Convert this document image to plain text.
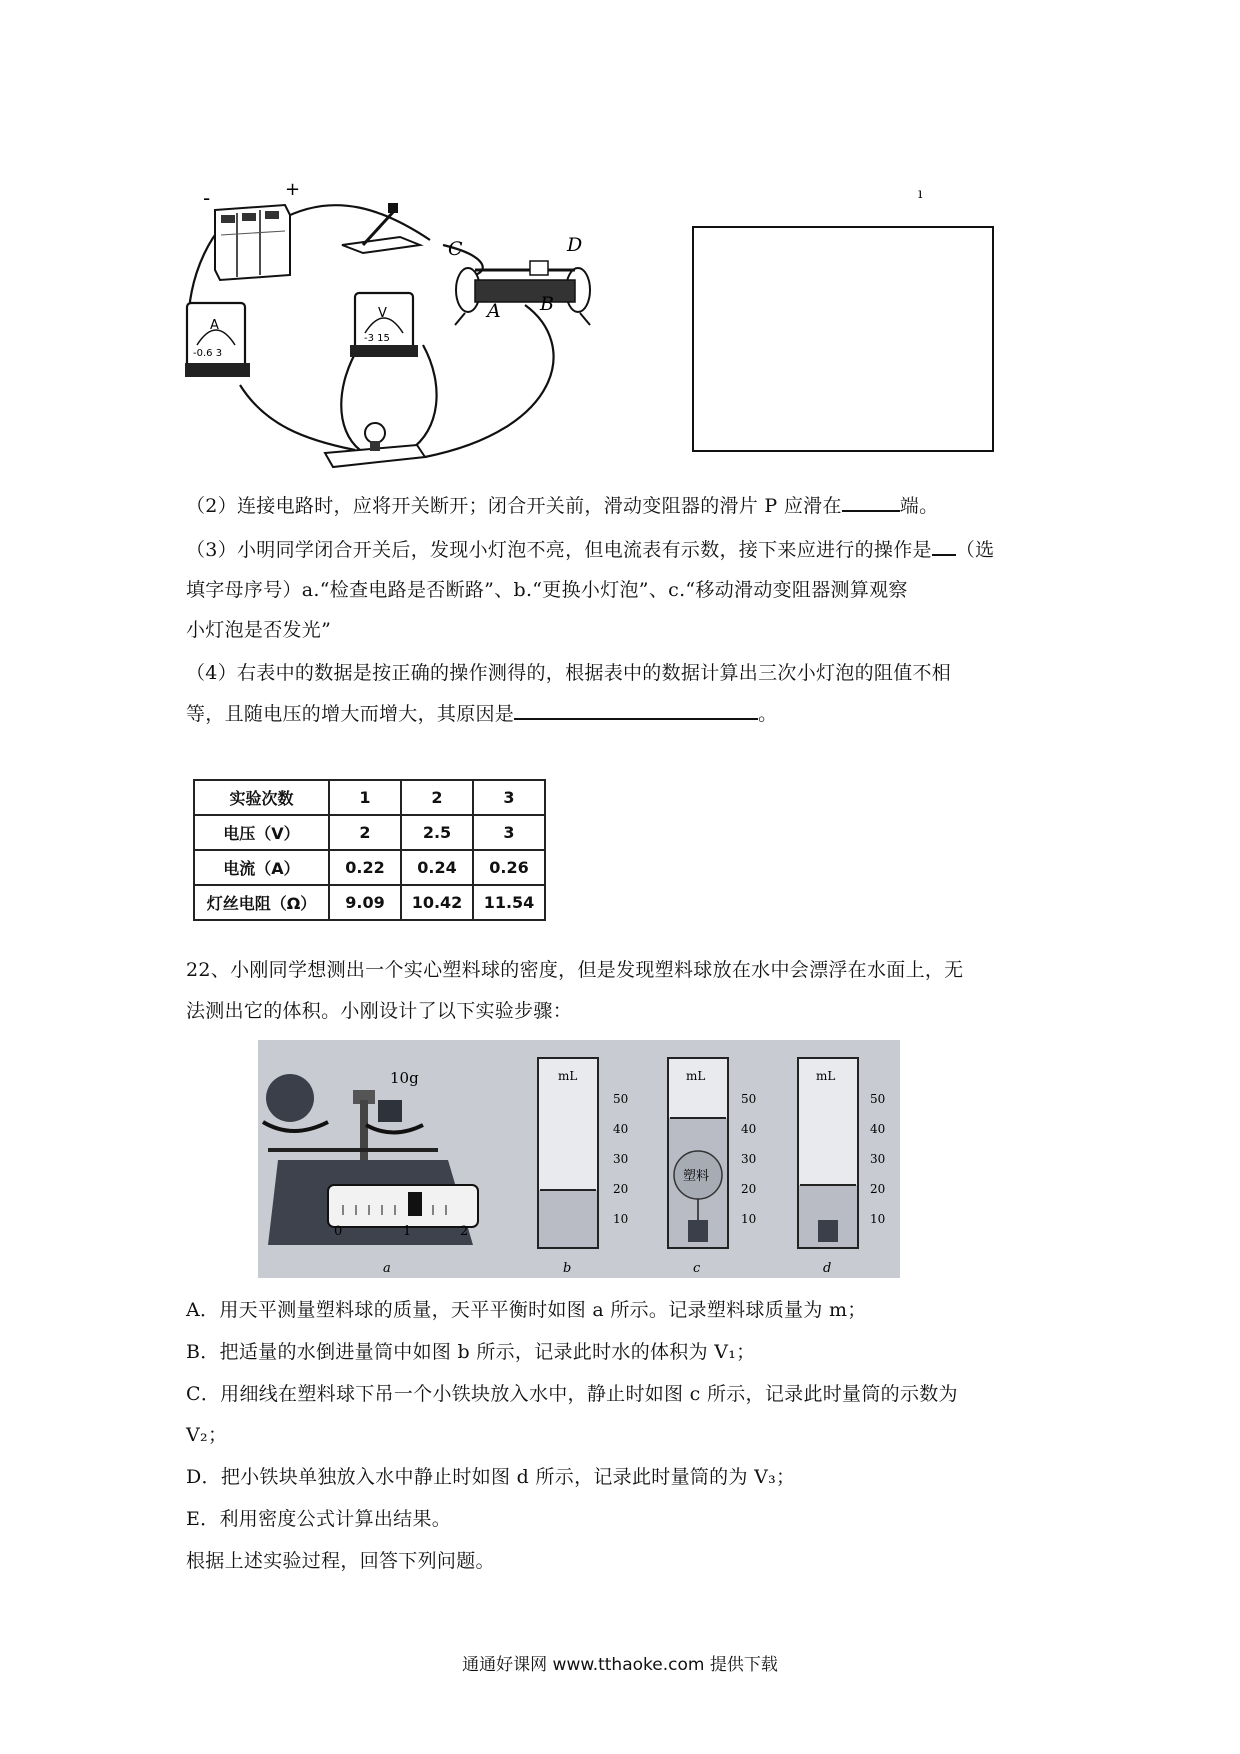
-	+
C	D
A B
A
-0.6 3
V
-3 15
ı
（2）连接电路时，应将开关断开；闭合开关前，滑动变阻器的滑片 P 应滑在	端。
（3）小明同学闭合开关后，发现小灯泡不亮，但电流表有示数，接下来应进行的操作是 （选
填字母序号）a.“检查电路是否断路”、b.“更换小灯泡”、c.“移动滑动变阻器测算观察
小灯泡是否发光”
（4）右表中的数据是按正确的操作测得的，根据表中的数据计算出三次小灯泡的阻值不相
等，且随电压的增大而增大，其原因是	。
实验次数	1	2	3
电压（V）	2	2.5	3
电流（A）	0.22	0.24	0.26
灯丝电阻（Ω）	9.09	10.42	11.54
22、小刚同学想测出一个实心塑料球的密度，但是发现塑料球放在水中会漂浮在水面上，无
法测出它的体积。小刚设计了以下实验步骤：
10g
0	1	2
mL
50
40
30
20
10
mL
塑料
50
40
30
20
10
mL
50
40
30
20
10
a	b	c	d
A．用天平测量塑料球的质量，天平平衡时如图 a 所示。记录塑料球质量为 m；
B．把适量的水倒进量筒中如图 b 所示，记录此时水的体积为 V₁；
C．用细线在塑料球下吊一个小铁块放入水中，静止时如图 c 所示，记录此时量筒的示数为
V₂；
D．把小铁块单独放入水中静止时如图 d 所示，记录此时量筒的为 V₃；
E．利用密度公式计算出结果。
根据上述实验过程，回答下列问题。
通通好课网 www.tthaoke.com 提供下载
